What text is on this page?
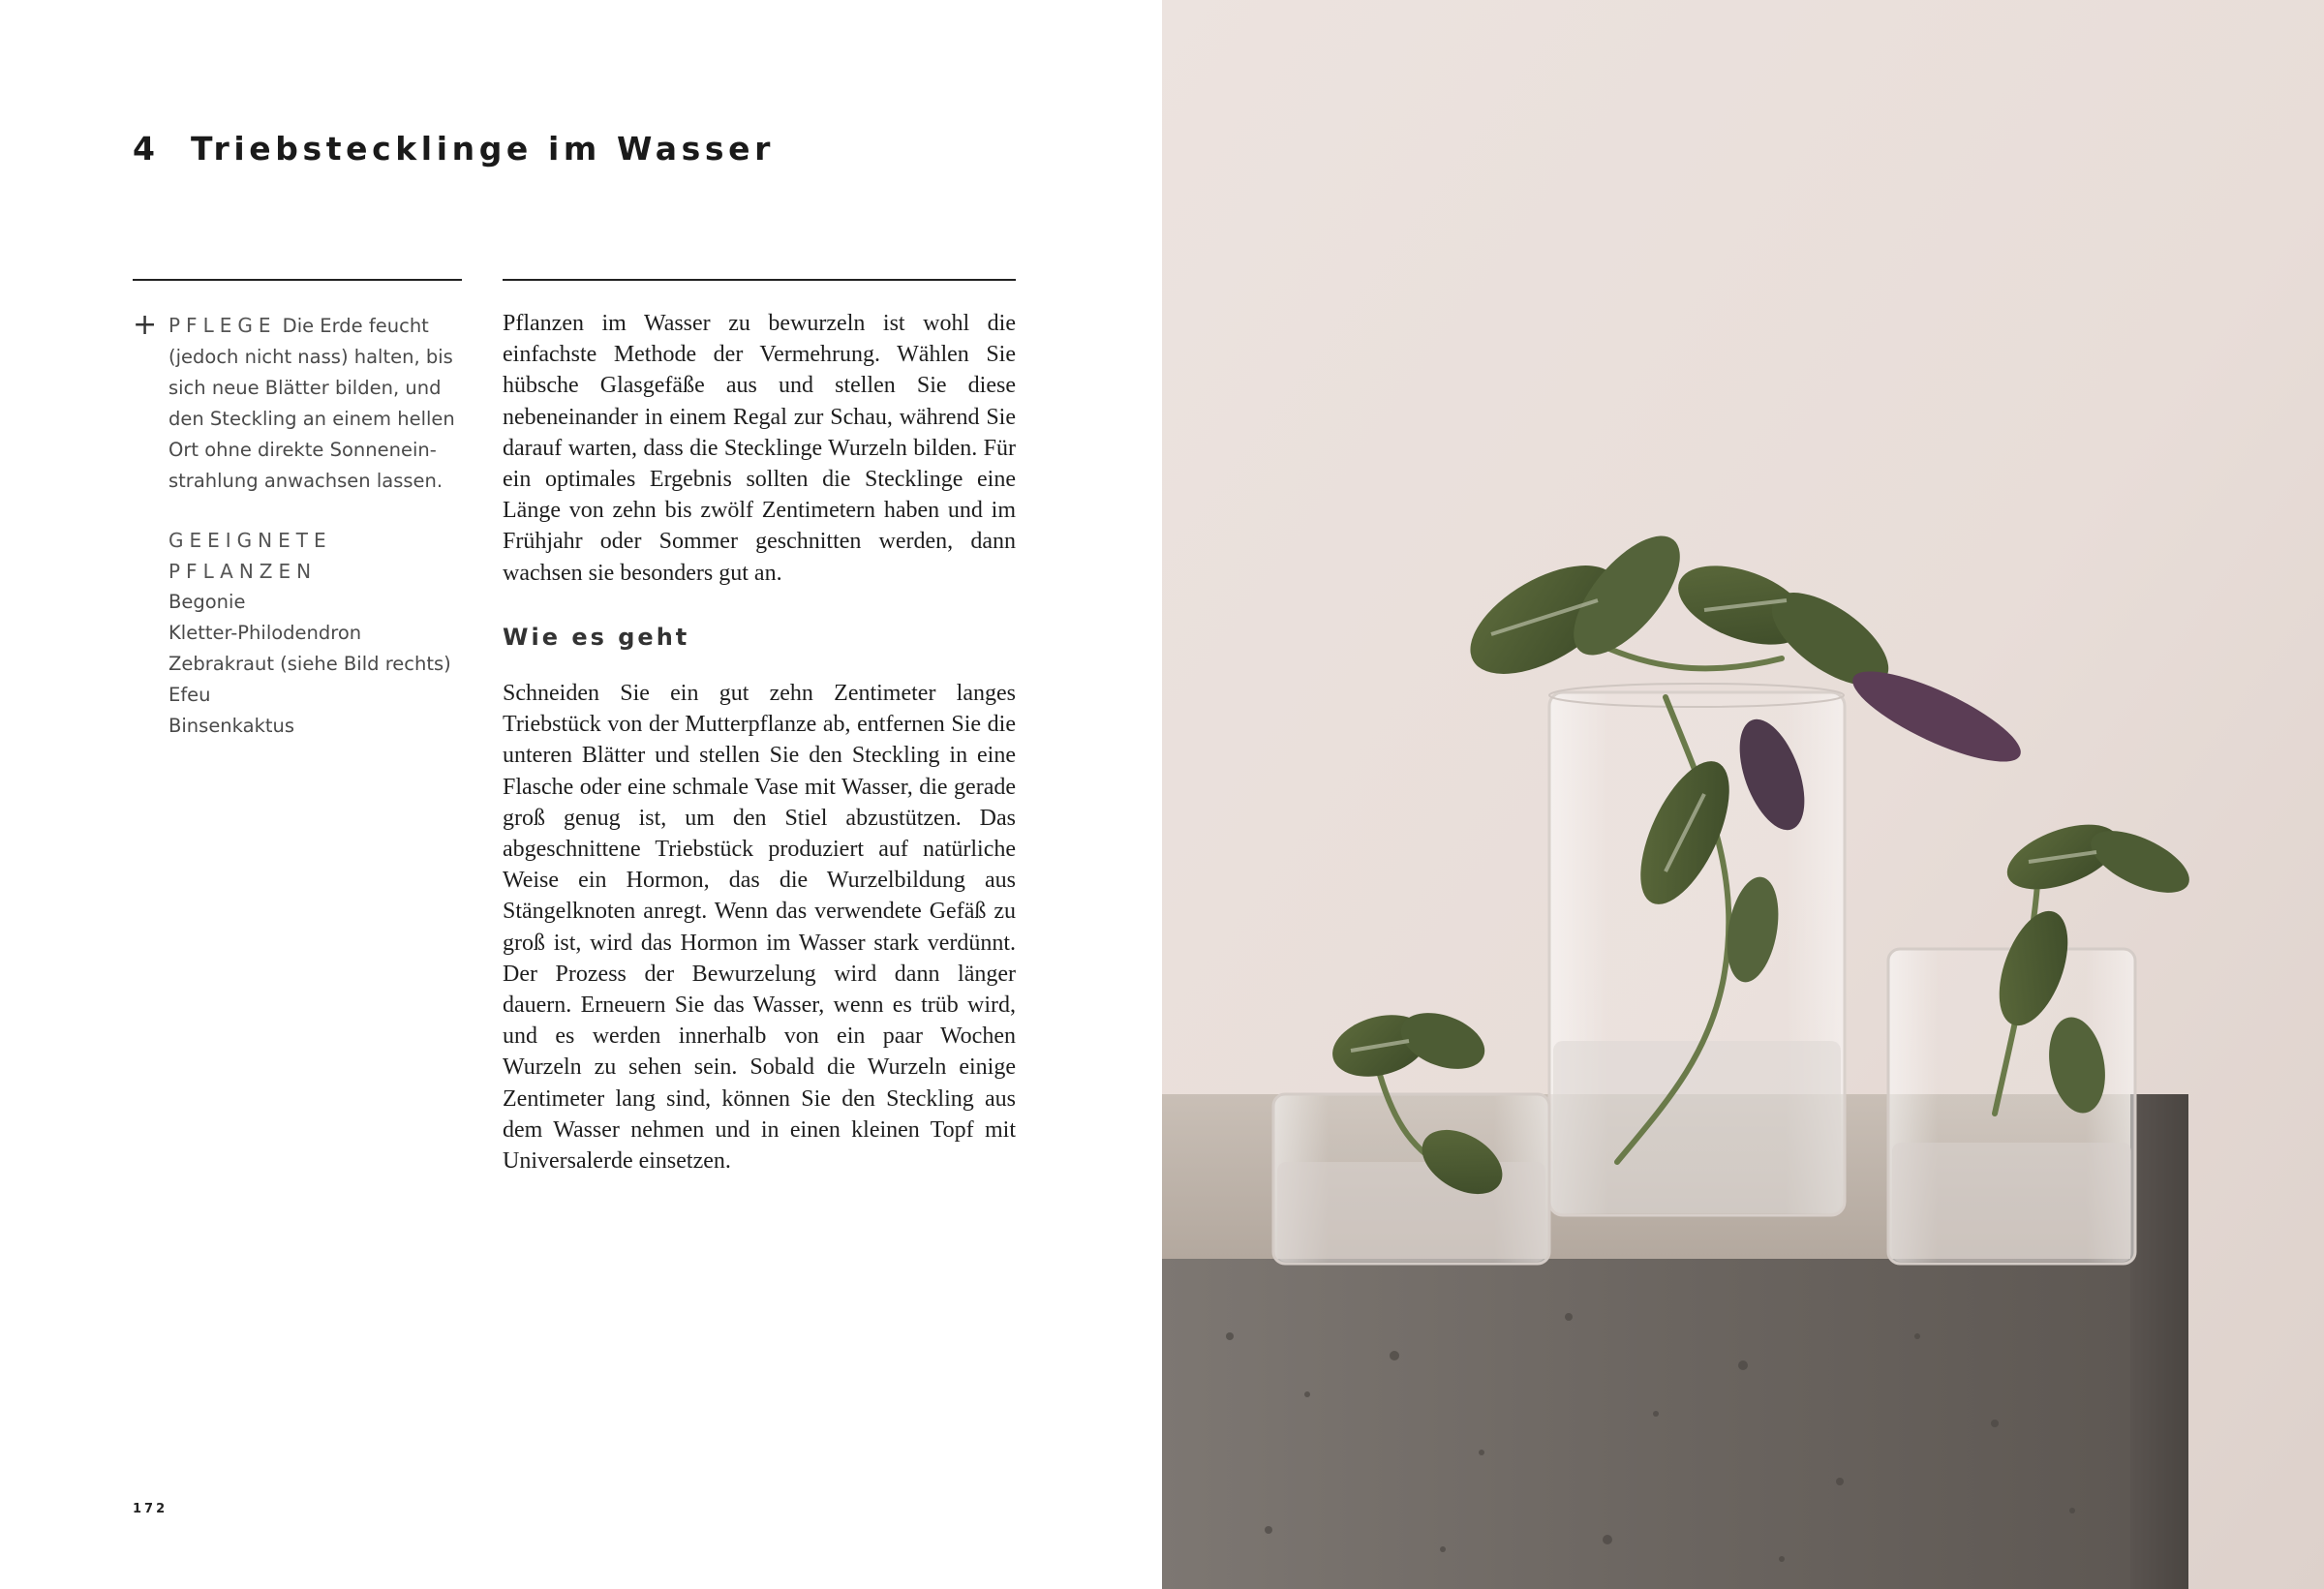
4 Triebstecklinge im Wasser
+ PFLEGE Die Erde feucht
(jedoch nicht nass) halten, bis
sich neue Blätter bilden, und
den Steckling an einem hellen
Ort ohne direkte Sonnenein-
strahlung anwachsen lassen.
GEEIGNETE
PFLANZEN
Begonie
Kletter-Philodendron
Zebrakraut (siehe Bild rechts)
Efeu
Binsenkaktus

Pflanzen im Wasser zu bewurzeln ist wohl die einfachste Methode der Vermehrung. Wählen Sie hübsche Glasgefäße aus und stellen Sie diese nebeneinander in einem Regal zur Schau, während Sie darauf warten, dass die Stecklinge Wurzeln bilden. Für ein optimales Ergebnis sollten die Stecklinge eine Länge von zehn bis zwölf Zentimetern haben und im Frühjahr oder Sommer geschnitten werden, dann wachsen sie besonders gut an.

Wie es geht

Schneiden Sie ein gut zehn Zentimeter langes Triebstück von der Mutterpflanze ab, entfernen Sie die unteren Blätter und stellen Sie den Steckling in eine Flasche oder eine schmale Vase mit Wasser, die gerade groß genug ist, um den Stiel abzustützen. Das abgeschnittene Triebstück produziert auf natürliche Weise ein Hormon, das die Wurzelbildung aus Stängelknoten anregt. Wenn das verwendete Gefäß zu groß ist, wird das Hormon im Wasser stark verdünnt. Der Prozess der Bewurzelung wird dann länger dauern. Erneuern Sie das Wasser, wenn es trüb wird, und es werden innerhalb von ein paar Wochen Wurzeln zu sehen sein. Sobald die Wurzeln einige Zentimeter lang sind, können Sie den Steckling aus dem Wasser nehmen und in einen kleinen Topf mit Universalerde einsetzen.

172
